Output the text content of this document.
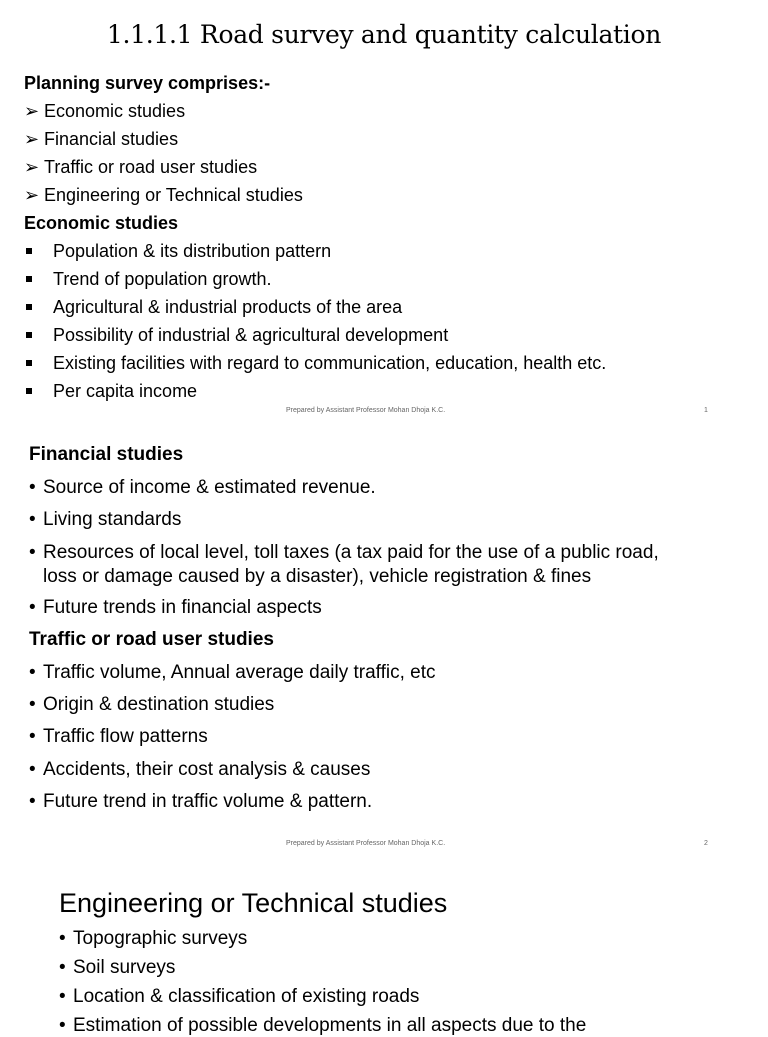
1.1.1.1 Road survey and quantity calculation
Planning survey comprises:-
➢ Economic studies
➢ Financial studies
➢ Traffic or road user studies
➢ Engineering or Technical studies
Economic studies
Population & its distribution pattern
Trend of population growth.
Agricultural & industrial products of the area
Possibility of industrial & agricultural development
Existing facilities with regard to communication, education, health etc.
Per capita income
Prepared by Assistant Professor Mohan Dhoja K.C.	1
Financial studies
• Source of income & estimated revenue.
• Living standards
• Resources of local level, toll taxes (a tax paid for the use of a public road,
loss or damage caused by a disaster), vehicle registration & fines
• Future trends in financial aspects
Traffic or road user studies
• Traffic volume, Annual average daily traffic, etc
• Origin & destination studies
• Traffic flow patterns
• Accidents, their cost analysis & causes
• Future trend in traffic volume & pattern.
Prepared by Assistant Professor Mohan Dhoja K.C.	2
Engineering or Technical studies
• Topographic surveys
• Soil surveys
• Location & classification of existing roads
• Estimation of possible developments in all aspects due to the
